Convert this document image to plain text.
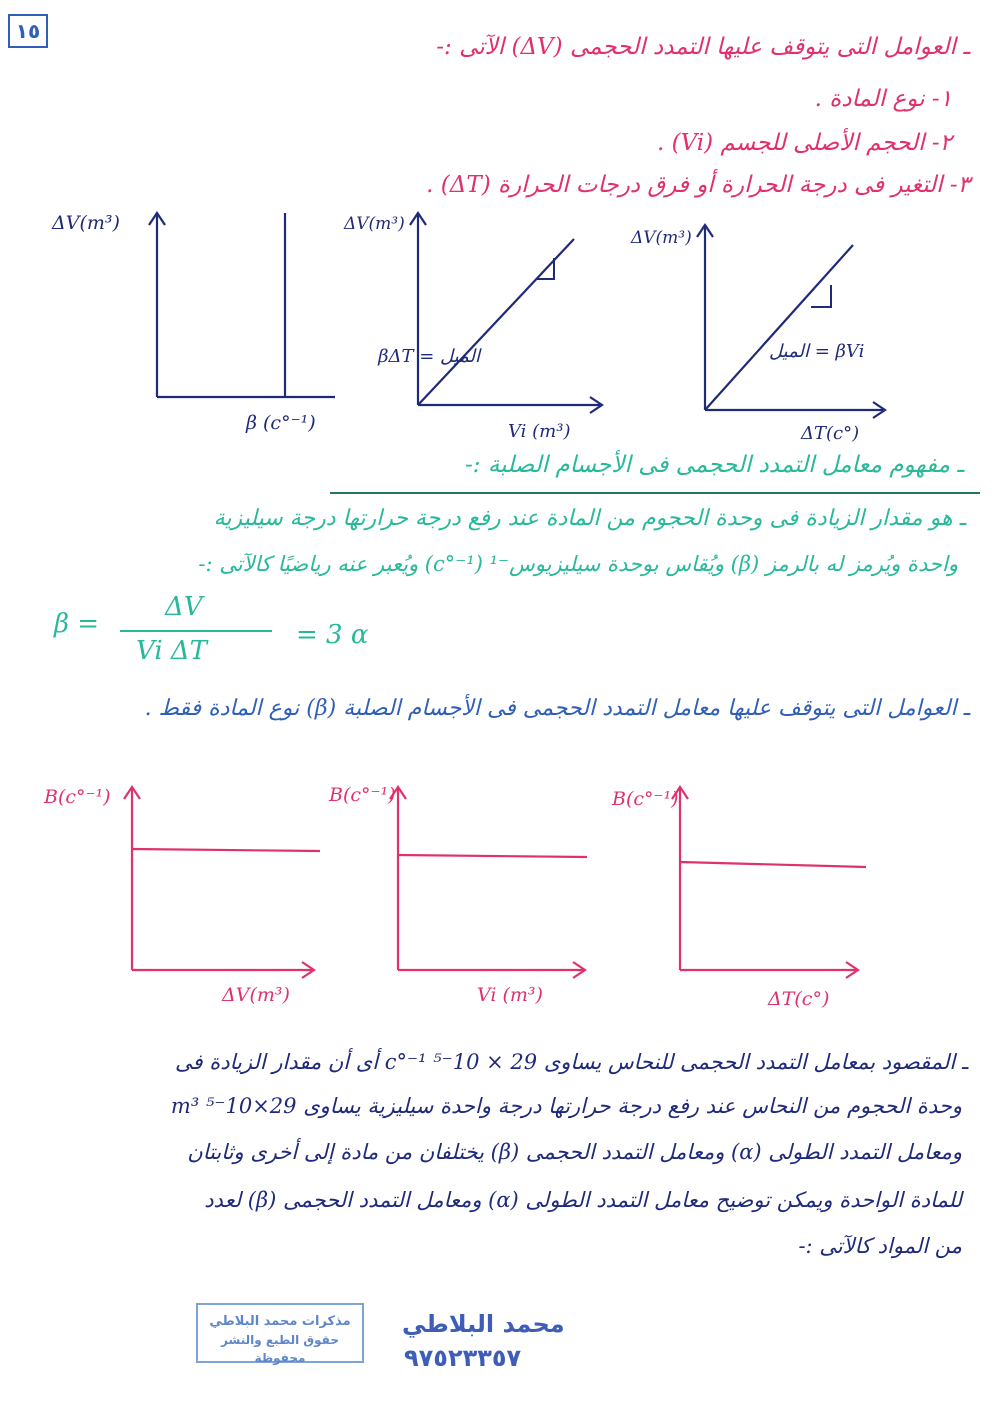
١٥
ـ العوامل التى يتوقف عليها التمدد الحجمى (ΔV) الآتى :-
١- نوع المادة .
٢- الحجم الأصلى للجسم (Vi) .
٣- التغير فى درجة الحرارة أو فرق درجات الحرارة (ΔT) .
ΔV(m³)
β (c°⁻¹)
ΔV(m³)
الميل = βΔT
Vi (m³)
ΔV(m³)
الميل = βVi
ΔT(c°)
ـ مفهوم معامل التمدد الحجمى فى الأجسام الصلبة :-
ـ هو مقدار الزيادة فى وحدة الحجوم من المادة عند رفع درجة حرارتها درجة سيليزية
واحدة ويُرمز له بالرمز (β) ويُقاس بوحدة سيليزيوس⁻¹ (c°⁻¹) ويُعبر عنه رياضيًا كالآتى :-
β =
ΔV
Vi ΔT
= 3 α
ـ العوامل التى يتوقف عليها معامل التمدد الحجمى فى الأجسام الصلبة (β) نوع المادة فقط .
B(c°⁻¹)
ΔV(m³)
B(c°⁻¹)
Vi (m³)
B(c°⁻¹)
ΔT(c°)
ـ المقصود بمعامل التمدد الحجمى للنحاس يساوى 29 × 10⁻⁵ c°⁻¹ أى أن مقدار الزيادة فى
وحدة الحجوم من النحاس عند رفع درجة حرارتها درجة واحدة سيليزية يساوى 29×10⁻⁵ m³
ومعامل التمدد الطولى (α) ومعامل التمدد الحجمى (β) يختلفان من مادة إلى أخرى وثابتان
للمادة الواحدة ويمكن توضيح معامل التمدد الطولى (α) ومعامل التمدد الحجمى (β) لعدد
من المواد كالآتى :-
مذكرات محمد البلاطي
حقوق الطبع والنشر محفوظة
محمد البلاطي
٩٧٥٢٣٣٥٧
